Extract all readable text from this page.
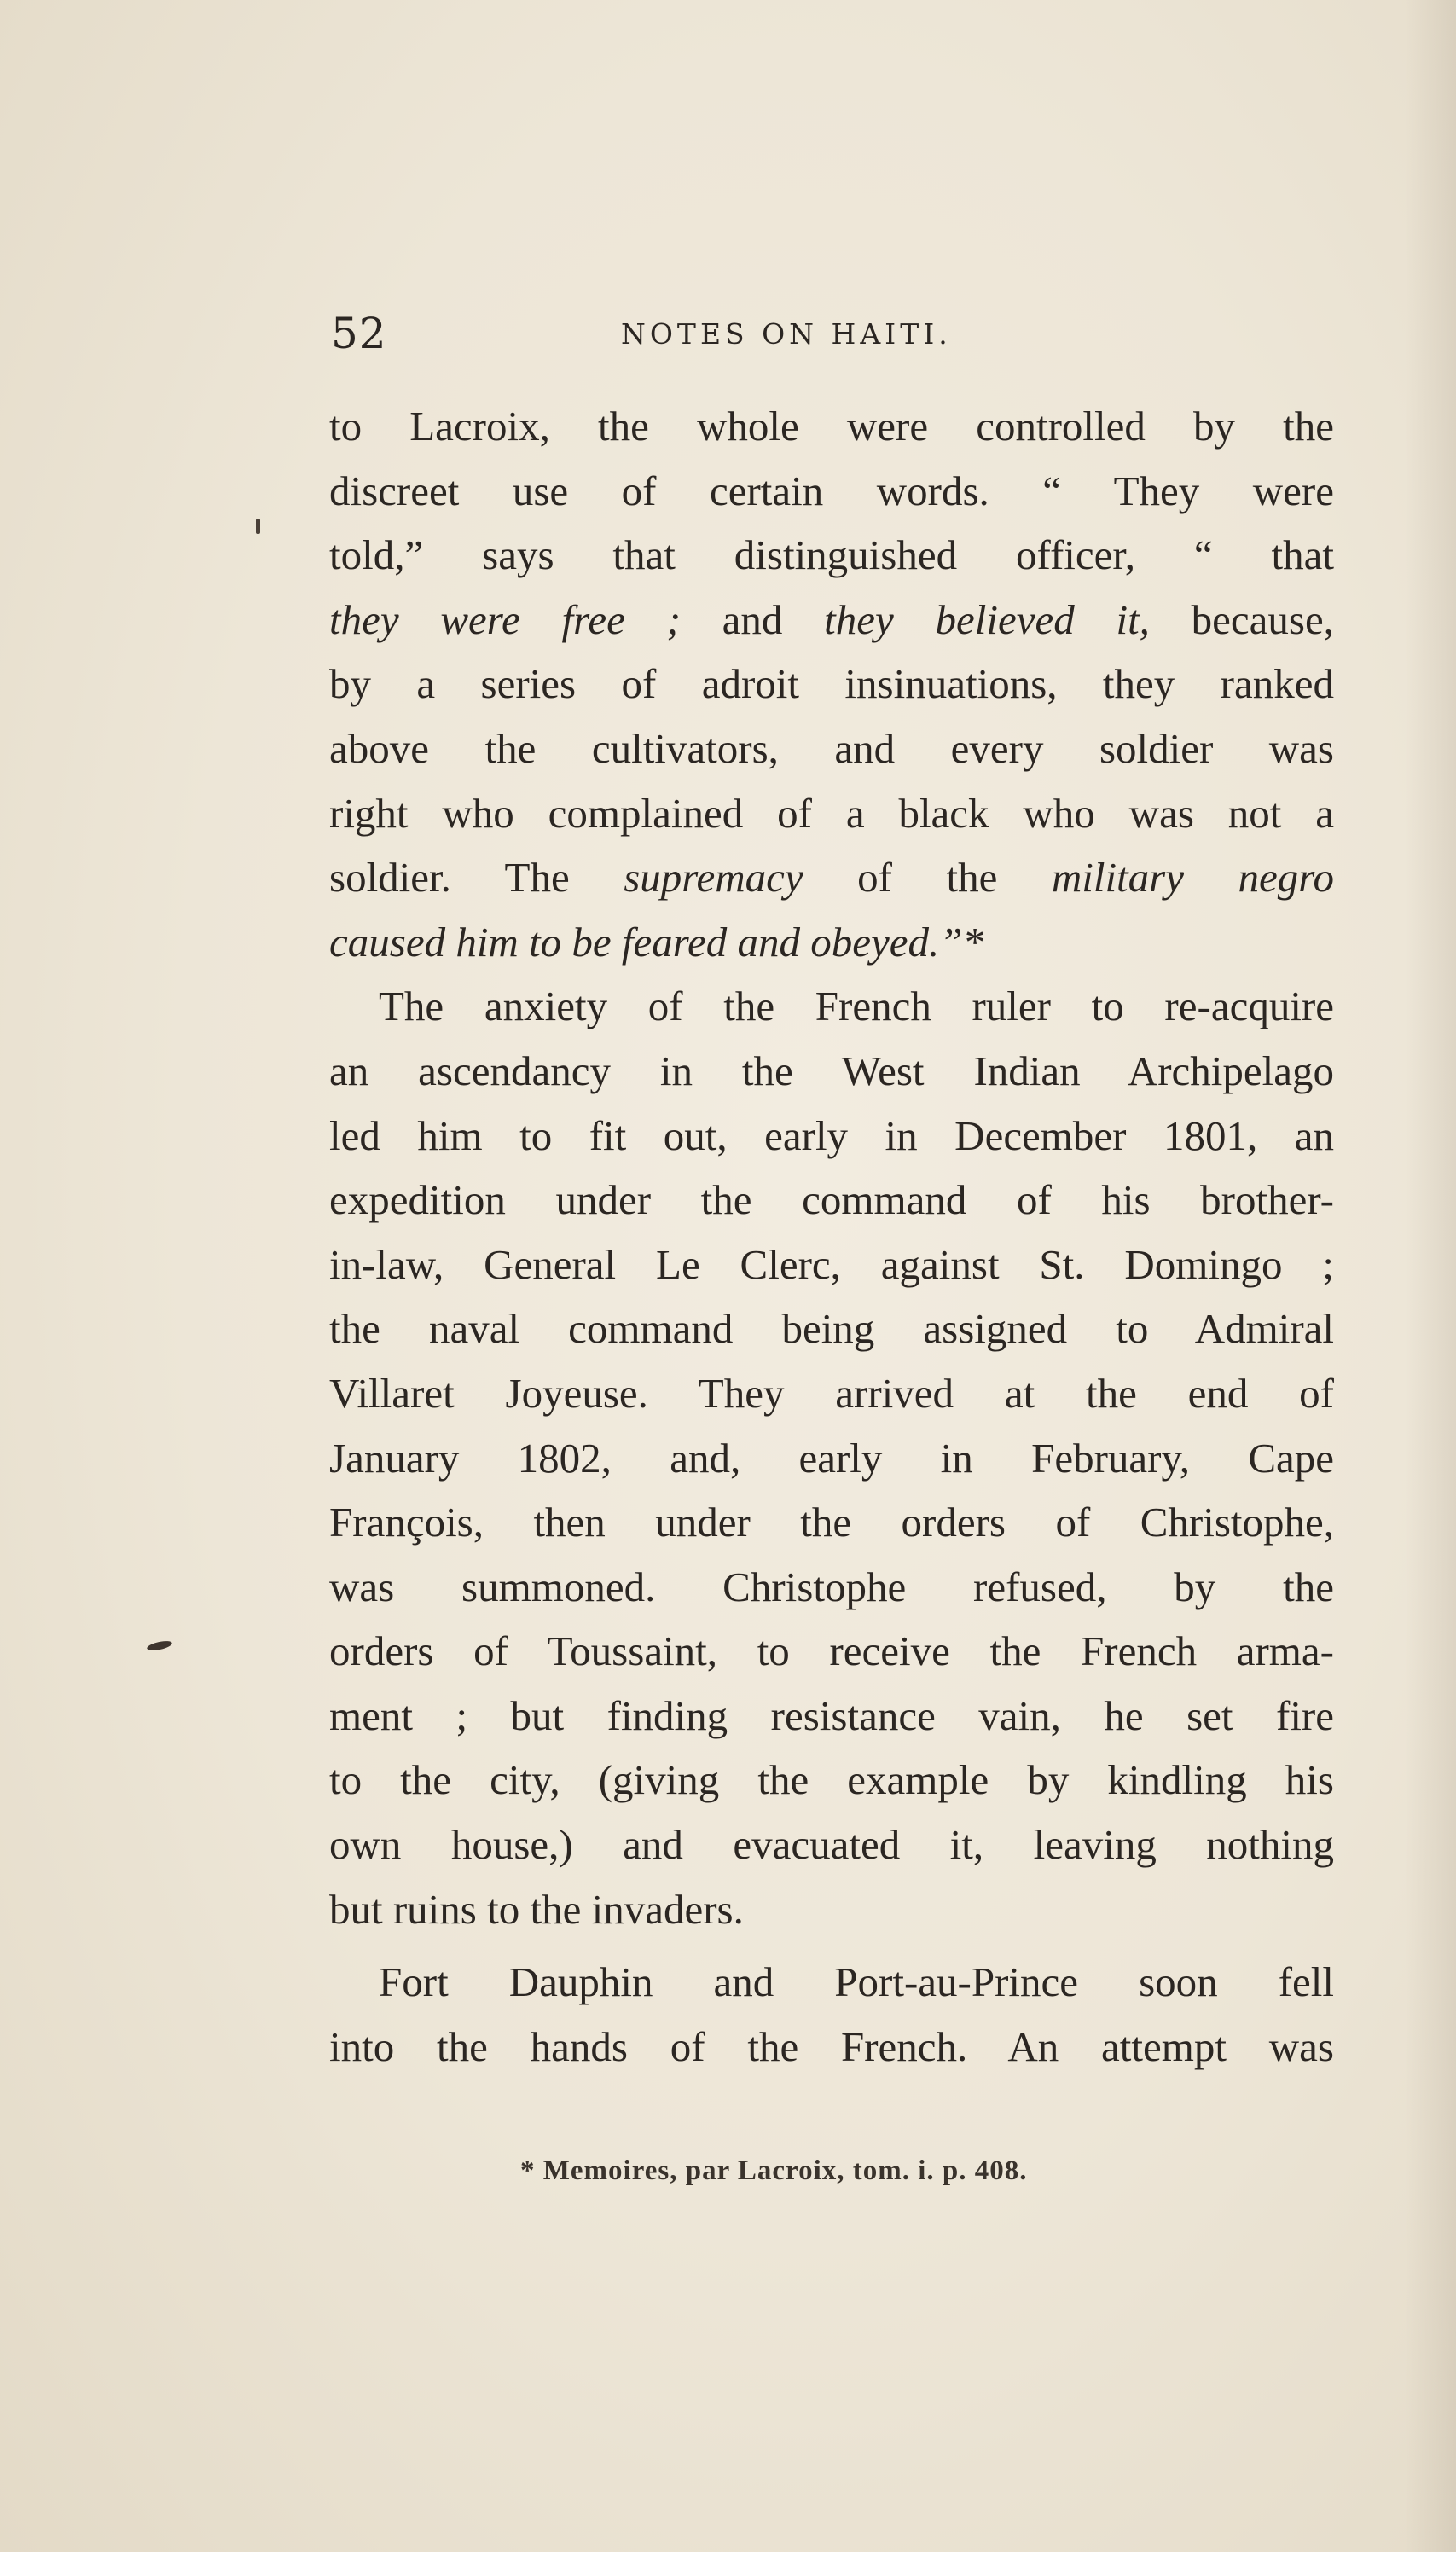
52	NOTES ON HAITI.
to Lacroix, the whole were controlled by the
discreet use of certain words. “ They were
told,” says that distinguished officer, “ that
they were free ; and they believed it, because,
by a series of adroit insinuations, they ranked
above the cultivators, and every soldier was
right who complained of a black who was not a
soldier. The supremacy of the military negro
caused him to be feared and obeyed.”*
The anxiety of the French ruler to re-acquire
an ascendancy in the West Indian Archipelago
led him to fit out, early in December 1801, an
expedition under the command of his brother-
in-law, General Le Clerc, against St. Domingo ;
the naval command being assigned to Admiral
Villaret Joyeuse. They arrived at the end of
January 1802, and, early in February, Cape
François, then under the orders of Christophe,
was summoned. Christophe refused, by the
orders of Toussaint, to receive the French arma-
ment ; but finding resistance vain, he set fire
to the city, (giving the example by kindling his
own house,) and evacuated it, leaving nothing
but ruins to the invaders.
Fort Dauphin and Port-au-Prince soon fell
into the hands of the French. An attempt was
* Memoires, par Lacroix, tom. i. p. 408.
